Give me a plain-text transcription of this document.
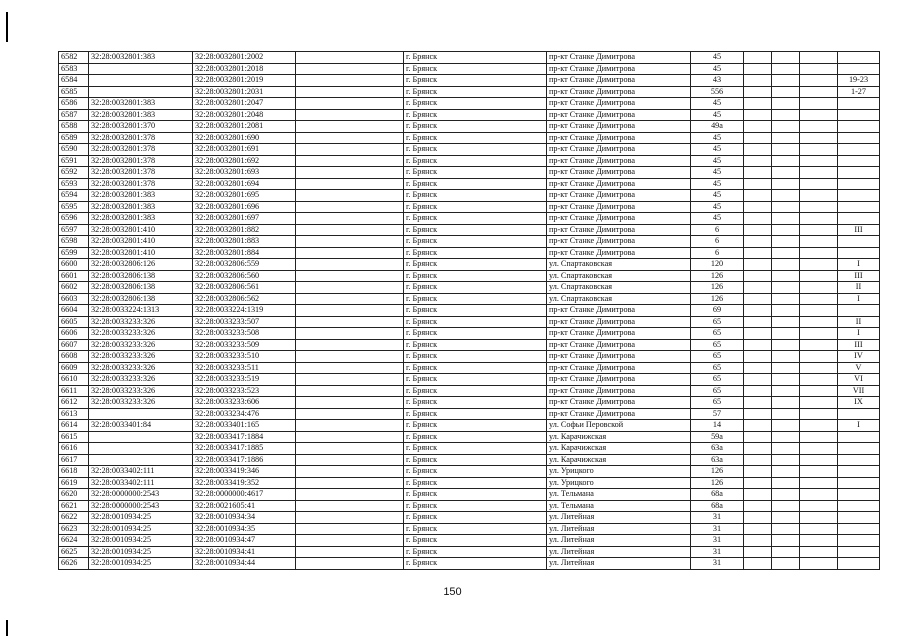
6582	32:28:0032801:383	32:28:0032801:2002		г. Брянск	пр-кт Станке Димитрова	45				
6583		32:28:0032801:2018		г. Брянск	пр-кт Станке Димитрова	45				
6584		32:28:0032801:2019		г. Брянск	пр-кт Станке Димитрова	43				19-23
6585		32:28:0032801:2031		г. Брянск	пр-кт Станке Димитрова	556				1-27
6586	32:28:0032801:383	32:28:0032801:2047		г. Брянск	пр-кт Станке Димитрова	45				
6587	32:28:0032801:383	32:28:0032801:2048		г. Брянск	пр-кт Станке Димитрова	45				
6588	32:28:0032801:370	32:28:0032801:2081		г. Брянск	пр-кт Станке Димитрова	49а				
6589	32:28:0032801:378	32:28:0032801:690		г. Брянск	пр-кт Станке Димитрова	45				
6590	32:28:0032801:378	32:28:0032801:691		г. Брянск	пр-кт Станке Димитрова	45				
6591	32:28:0032801:378	32:28:0032801:692		г. Брянск	пр-кт Станке Димитрова	45				
6592	32:28:0032801:378	32:28:0032801:693		г. Брянск	пр-кт Станке Димитрова	45				
6593	32:28:0032801:378	32:28:0032801:694		г. Брянск	пр-кт Станке Димитрова	45				
6594	32:28:0032801:383	32:28:0032801:695		г. Брянск	пр-кт Станке Димитрова	45				
6595	32:28:0032801:383	32:28:0032801:696		г. Брянск	пр-кт Станке Димитрова	45				
6596	32:28:0032801:383	32:28:0032801:697		г. Брянск	пр-кт Станке Димитрова	45				
6597	32:28:0032801:410	32:28:0032801:882		г. Брянск	пр-кт Станке Димитрова	6				III
6598	32:28:0032801:410	32:28:0032801:883		г. Брянск	пр-кт Станке Димитрова	6				
6599	32:28:0032801:410	32:28:0032801:884		г. Брянск	пр-кт Станке Димитрова	6				
6600	32:28:0032806:126	32:28:0032806:559		г. Брянск	ул. Спартаковская	120				I
6601	32:28:0032806:138	32:28:0032806:560		г. Брянск	ул. Спартаковская	126				III
6602	32:28:0032806:138	32:28:0032806:561		г. Брянск	ул. Спартаковская	126				II
6603	32:28:0032806:138	32:28:0032806:562		г. Брянск	ул. Спартаковская	126				I
6604	32:28:0033224:1313	32:28:0033224:1319		г. Брянск	пр-кт Станке Димитрова	69				
6605	32:28:0033233:326	32:28:0033233:507		г. Брянск	пр-кт Станке Димитрова	65				II
6606	32:28:0033233:326	32:28:0033233:508		г. Брянск	пр-кт Станке Димитрова	65				I
6607	32:28:0033233:326	32:28:0033233:509		г. Брянск	пр-кт Станке Димитрова	65				III
6608	32:28:0033233:326	32:28:0033233:510		г. Брянск	пр-кт Станке Димитрова	65				IV
6609	32:28:0033233:326	32:28:0033233:511		г. Брянск	пр-кт Станке Димитрова	65				V
6610	32:28:0033233:326	32:28:0033233:519		г. Брянск	пр-кт Станке Димитрова	65				VI
6611	32:28:0033233:326	32:28:0033233:523		г. Брянск	пр-кт Станке Димитрова	65				VII
6612	32:28:0033233:326	32:28:0033233:606		г. Брянск	пр-кт Станке Димитрова	65				IX
6613		32:28:0033234:476		г. Брянск	пр-кт Станке Димитрова	57				
6614	32:28:0033401:84	32:28:0033401:165		г. Брянск	ул. Софьи Перовской	14				I
6615		32:28:0033417:1884		г. Брянск	ул. Карачижская	59а				
6616		32:28:0033417:1885		г. Брянск	ул. Карачижская	63а				
6617		32:28:0033417:1886		г. Брянск	ул. Карачижская	63а				
6618	32:28:0033402:111	32:28:0033419:346		г. Брянск	ул. Урицкого	126				
6619	32:28:0033402:111	32:28:0033419:352		г. Брянск	ул. Урицкого	126				
6620	32:28:0000000:2543	32:28:0000000:4617		г. Брянск	ул. Тельмана	68а				
6621	32:28:0000000:2543	32:28:0021605:41		г. Брянск	ул. Тельмана	68а				
6622	32:28:0010934:25	32:28:0010934:34		г. Брянск	ул. Литейная	31				
6623	32:28:0010934:25	32:28:0010934:35		г. Брянск	ул. Литейная	31				
6624	32:28:0010934:25	32:28:0010934:47		г. Брянск	ул. Литейная	31				
6625	32:28:0010934:25	32:28:0010934:41		г. Брянск	ул. Литейная	31				
6626	32:28:0010934:25	32:28:0010934:44		г. Брянск	ул. Литейная	31				
150
